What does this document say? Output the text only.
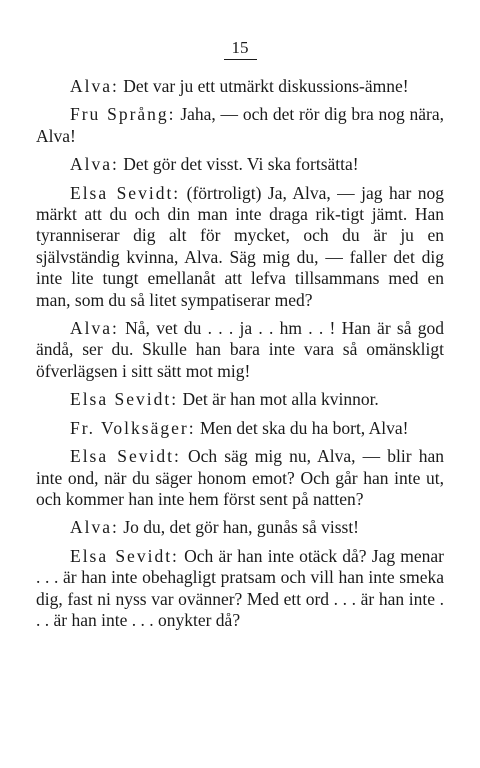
15

Alva: Det var ju ett utmärkt diskussions-ämne!

Fru Språng: Jaha, — och det rör dig bra nog nära, Alva!

Alva: Det gör det visst. Vi ska fortsätta!

Elsa Sevidt: (förtroligt) Ja, Alva, — jag har nog märkt att du och din man inte draga rik-tigt jämt. Han tyranniserar dig alt för mycket, och du är ju en självständig kvinna, Alva. Säg mig du, — faller det dig inte lite tungt emellanåt att lefva tillsammans med en man, som du så litet sympatiserar med?

Alva: Nå, vet du . . . ja . . hm . . ! Han är så god ändå, ser du. Skulle han bara inte vara så omänskligt öfverlägsen i sitt sätt mot mig!

Elsa Sevidt: Det är han mot alla kvinnor.

Fr. Volksäger: Men det ska du ha bort, Alva!

Elsa Sevidt: Och säg mig nu, Alva, — blir han inte ond, när du säger honom emot? Och går han inte ut, och kommer han inte hem först sent på natten?

Alva: Jo du, det gör han, gunås så visst!

Elsa Sevidt: Och är han inte otäck då? Jag menar . . . är han inte obehagligt pratsam och vill han inte smeka dig, fast ni nyss var ovänner? Med ett ord . . . är han inte . . . är han inte . . . onykter då?
